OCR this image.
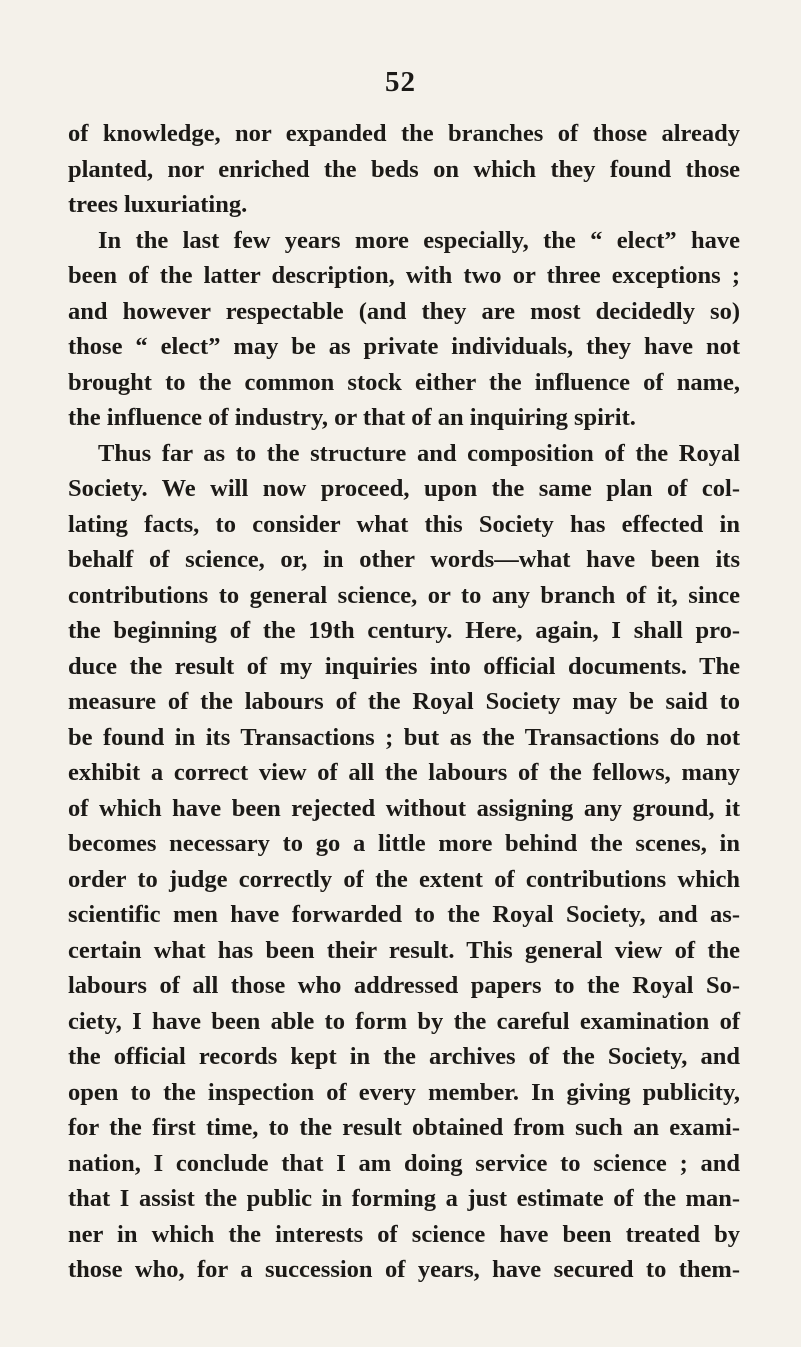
52
of knowledge, nor expanded the branches of those already
planted, nor enriched the beds on which they found those
trees luxuriating.
In the last few years more especially, the “ elect” have
been of the latter description, with two or three exceptions ;
and however respectable (and they are most decidedly so)
those “ elect” may be as private individuals, they have not
brought to the common stock either the influence of name,
the influence of industry, or that of an inquiring spirit.
Thus far as to the structure and composition of the Royal
Society. We will now proceed, upon the same plan of col-
lating facts, to consider what this Society has effected in
behalf of science, or, in other words—what have been its
contributions to general science, or to any branch of it, since
the beginning of the 19th century. Here, again, I shall pro-
duce the result of my inquiries into official documents. The
measure of the labours of the Royal Society may be said to
be found in its Transactions ; but as the Transactions do not
exhibit a correct view of all the labours of the fellows, many
of which have been rejected without assigning any ground, it
becomes necessary to go a little more behind the scenes, in
order to judge correctly of the extent of contributions which
scientific men have forwarded to the Royal Society, and as-
certain what has been their result. This general view of the
labours of all those who addressed papers to the Royal So-
ciety, I have been able to form by the careful examination of
the official records kept in the archives of the Society, and
open to the inspection of every member. In giving publicity,
for the first time, to the result obtained from such an exami-
nation, I conclude that I am doing service to science ; and
that I assist the public in forming a just estimate of the man-
ner in which the interests of science have been treated by
those who, for a succession of years, have secured to them-
